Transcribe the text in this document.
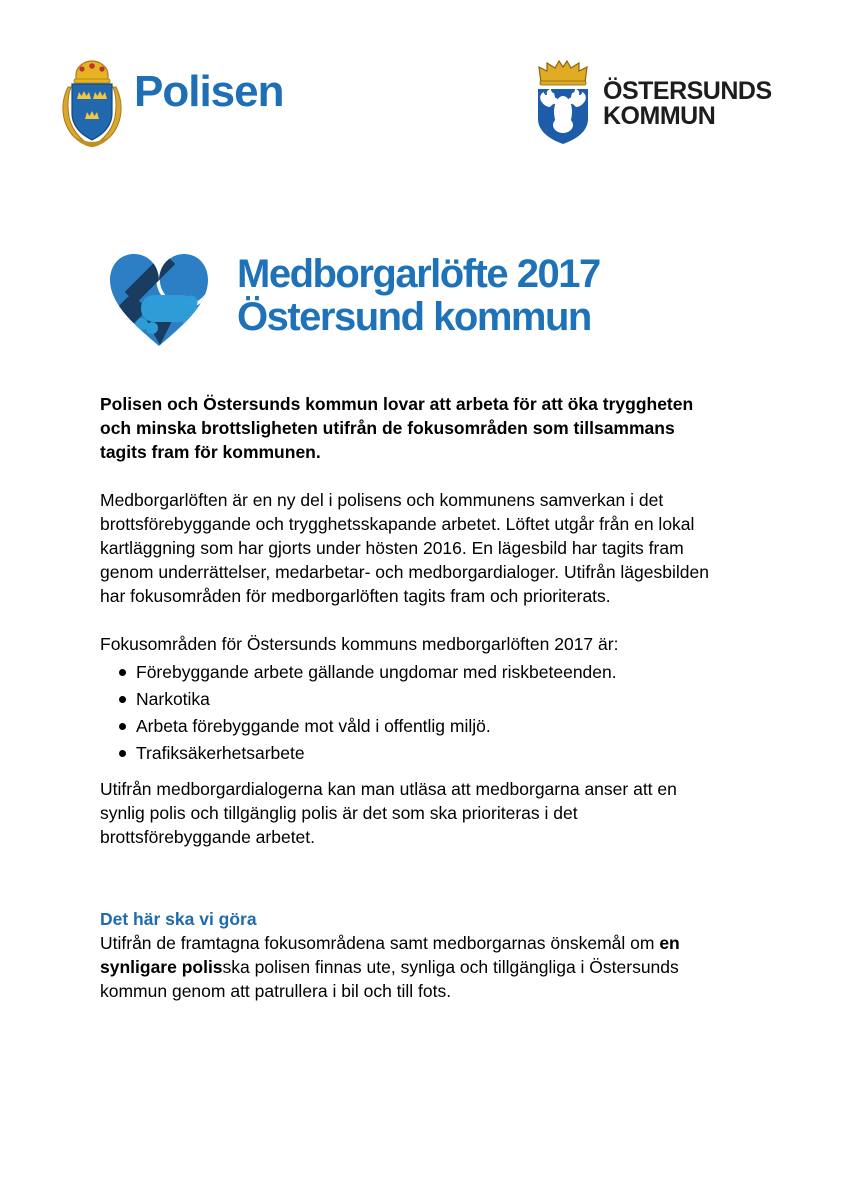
Polisen	ÖSTERSUNDS
KOMMUN
Medborgarlöfte 2017
Östersund kommun

Polisen och Östersunds kommun lovar att arbeta för att öka tryggheten och minska brottsligheten utifrån de fokusområden som tillsammans tagits fram för kommunen.

Medborgarlöften är en ny del i polisens och kommunens samverkan i det brottsförebyggande och trygghetsskapande arbetet. Löftet utgår från en lokal kartläggning som har gjorts under hösten 2016. En lägesbild har tagits fram genom underrättelser, medarbetar- och medborgardialoger. Utifrån lägesbilden har fokusområden för medborgarlöften tagits fram och prioriterats.

Fokusområden för Östersunds kommuns medborgarlöften 2017 är:

Förebyggande arbete gällande ungdomar med riskbeteenden.
Narkotika
Arbeta förebyggande mot våld i offentlig miljö.
Trafiksäkerhetsarbete

Utifrån medborgardialogerna kan man utläsa att medborgarna anser att en synlig polis och tillgänglig polis är det som ska prioriteras i det brottsförebyggande arbetet.

Det här ska vi göra

Utifrån de framtagna fokusområdena samt medborgarnas önskemål om en synligare polisska polisen finnas ute, synliga och tillgängliga i Östersunds kommun genom att patrullera i bil och till fots.
